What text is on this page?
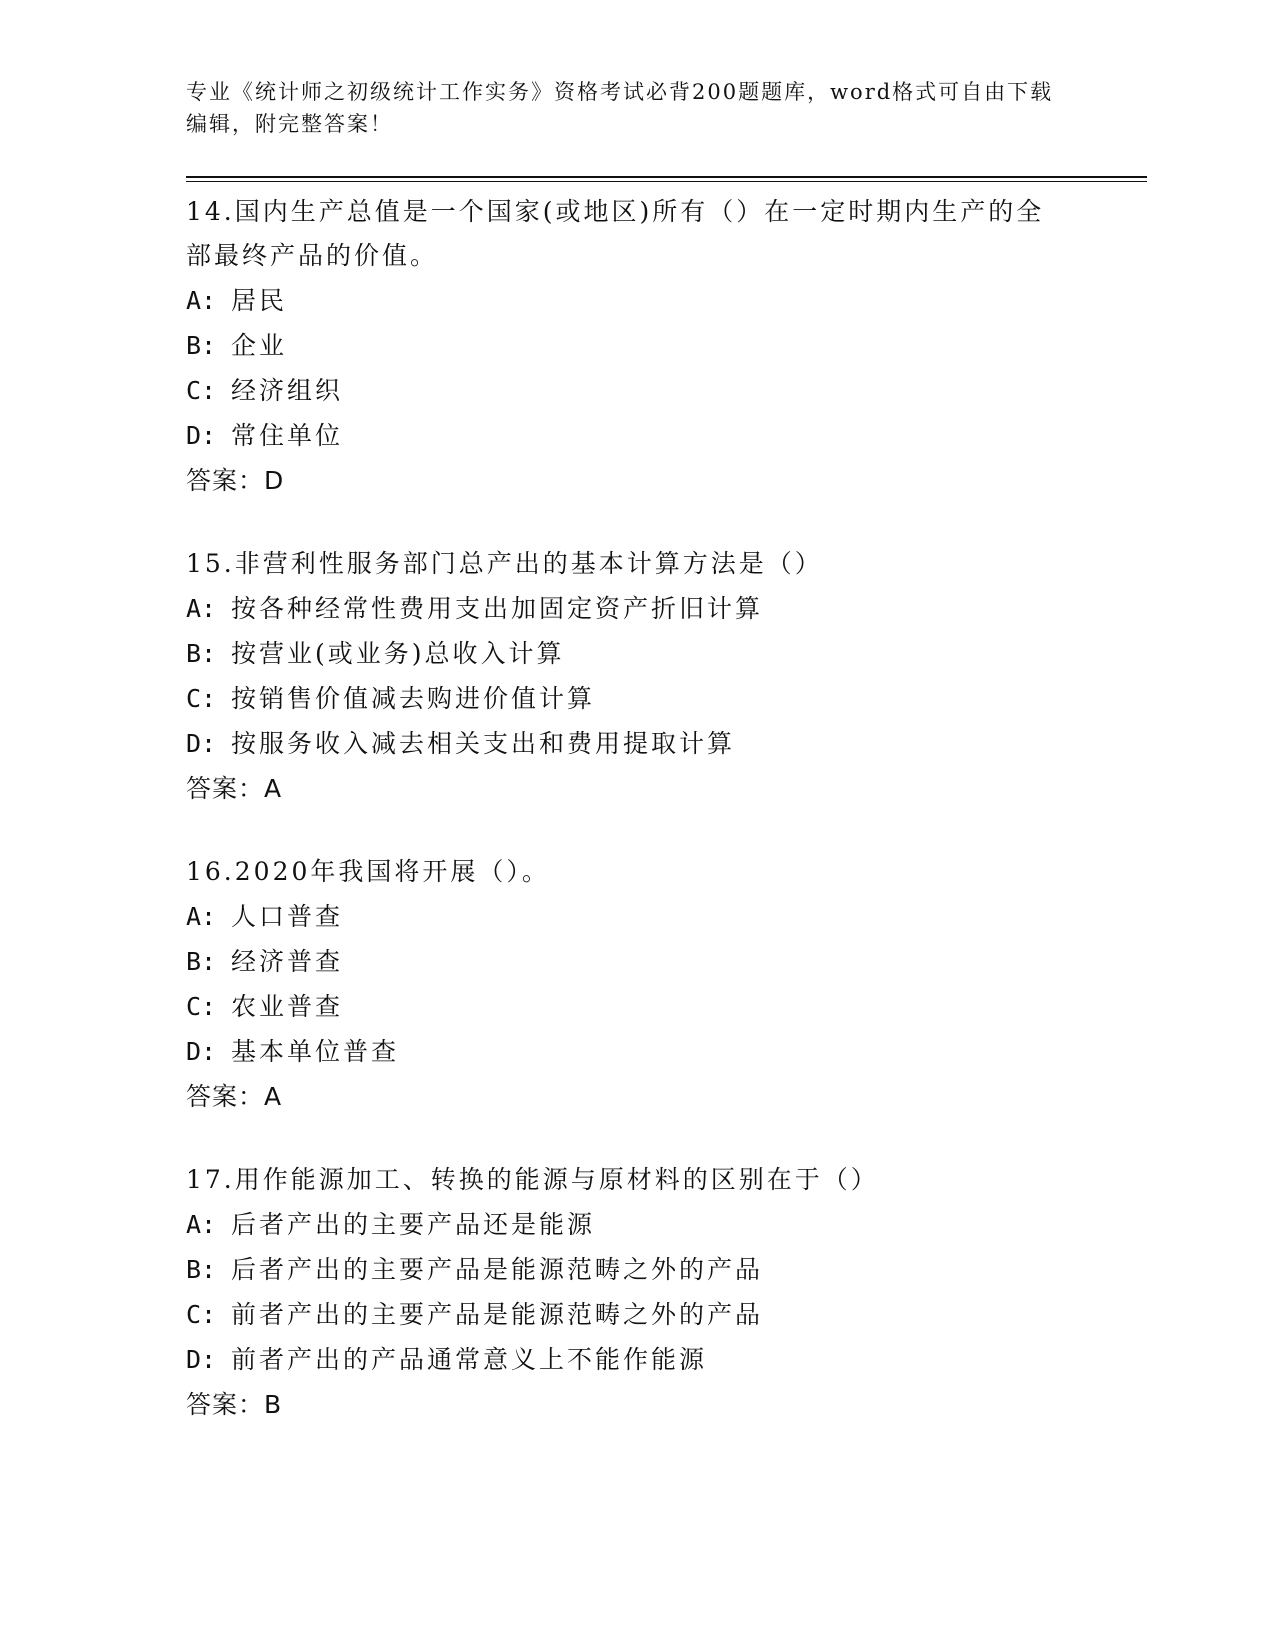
专业《统计师之初级统计工作实务》资格考试必背200题题库，word格式可自由下载编辑，附完整答案！
14.国内生产总值是一个国家(或地区)所有（）在一定时期内生产的全部最终产品的价值。
A: 居民
B: 企业
C: 经济组织
D: 常住单位
答案：D
15.非营利性服务部门总产出的基本计算方法是（）
A: 按各种经常性费用支出加固定资产折旧计算
B: 按营业(或业务)总收入计算
C: 按销售价值减去购进价值计算
D: 按服务收入减去相关支出和费用提取计算
答案：A
16.2020年我国将开展（）。
A: 人口普查
B: 经济普查
C: 农业普查
D: 基本单位普查
答案：A
17.用作能源加工、转换的能源与原材料的区别在于（）
A: 后者产出的主要产品还是能源
B: 后者产出的主要产品是能源范畴之外的产品
C: 前者产出的主要产品是能源范畴之外的产品
D: 前者产出的产品通常意义上不能作能源
答案：B
